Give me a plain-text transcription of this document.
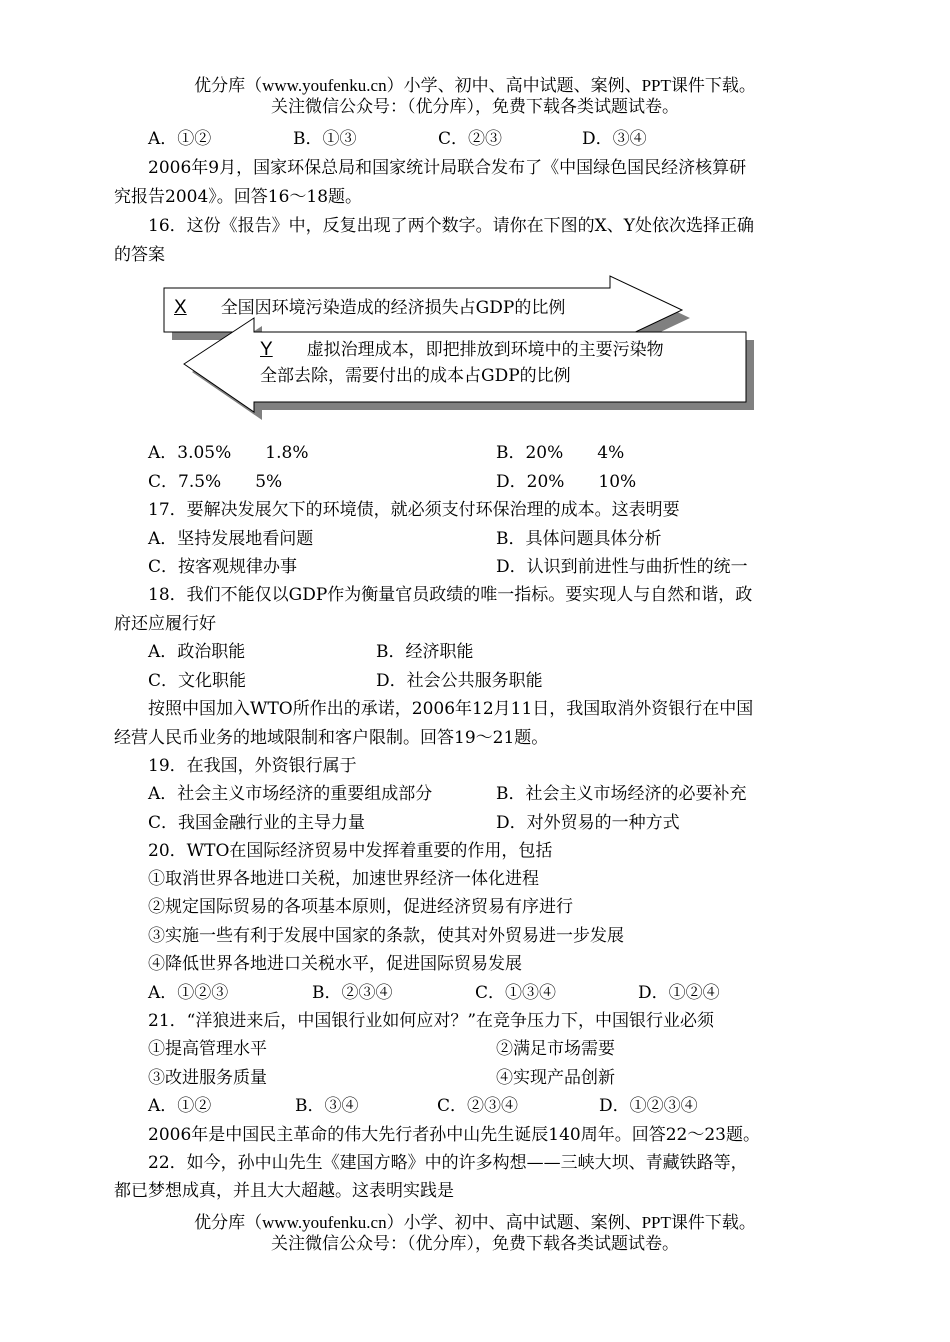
优分库（www.youfenku.cn）小学、初中、高中试题、案例、PPT课件下载。
关注微信公众号：（优分库），免费下载各类试题试卷。
A．①②	B．①③	C．②③	D．③④
2006年9月，国家环保总局和国家统计局联合发布了《中国绿色国民经济核算研
究报告2004》。回答16～18题。
16．这份《报告》中，反复出现了两个数字。请你在下图的X、Y处依次选择正确
的答案
X　　 全国因环境污染造成的经济损失占GDP的比例
Y　　 虚拟治理成本，即把排放到环境中的主要污染物
全部去除，需要付出的成本占GDP的比例
A．3.05%　　1.8%	B．20%　　4%
C．7.5%　　5%	D．20%　　10%
17．要解决发展欠下的环境债，就必须支付环保治理的成本。这表明要
A．坚持发展地看问题	B．具体问题具体分析
C．按客观规律办事	D．认识到前进性与曲折性的统一
18．我们不能仅以GDP作为衡量官员政绩的唯一指标。要实现人与自然和谐，政
府还应履行好
A．政治职能	B．经济职能
C．文化职能	D．社会公共服务职能
按照中国加入WTO所作出的承诺，2006年12月11日，我国取消外资银行在中国
经营人民币业务的地域限制和客户限制。回答19～21题。
19．在我国，外资银行属于
A．社会主义市场经济的重要组成部分	B．社会主义市场经济的必要补充
C．我国金融行业的主导力量	D．对外贸易的一种方式
20．WTO在国际经济贸易中发挥着重要的作用，包括
①取消世界各地进口关税，加速世界经济一体化进程
②规定国际贸易的各项基本原则，促进经济贸易有序进行
③实施一些有利于发展中国家的条款，使其对外贸易进一步发展
④降低世界各地进口关税水平，促进国际贸易发展
A．①②③	B．②③④	C．①③④	D．①②④
21．“洋狼进来后，中国银行业如何应对？”在竞争压力下，中国银行业必须
①提高管理水平	②满足市场需要
③改进服务质量	④实现产品创新
A．①②	B．③④	C．②③④	D．①②③④
2006年是中国民主革命的伟大先行者孙中山先生诞辰140周年。回答22～23题。
22．如今，孙中山先生《建国方略》中的许多构想——三峡大坝、青藏铁路等，
都已梦想成真，并且大大超越。这表明实践是
优分库（www.youfenku.cn）小学、初中、高中试题、案例、PPT课件下载。
关注微信公众号：（优分库），免费下载各类试题试卷。
